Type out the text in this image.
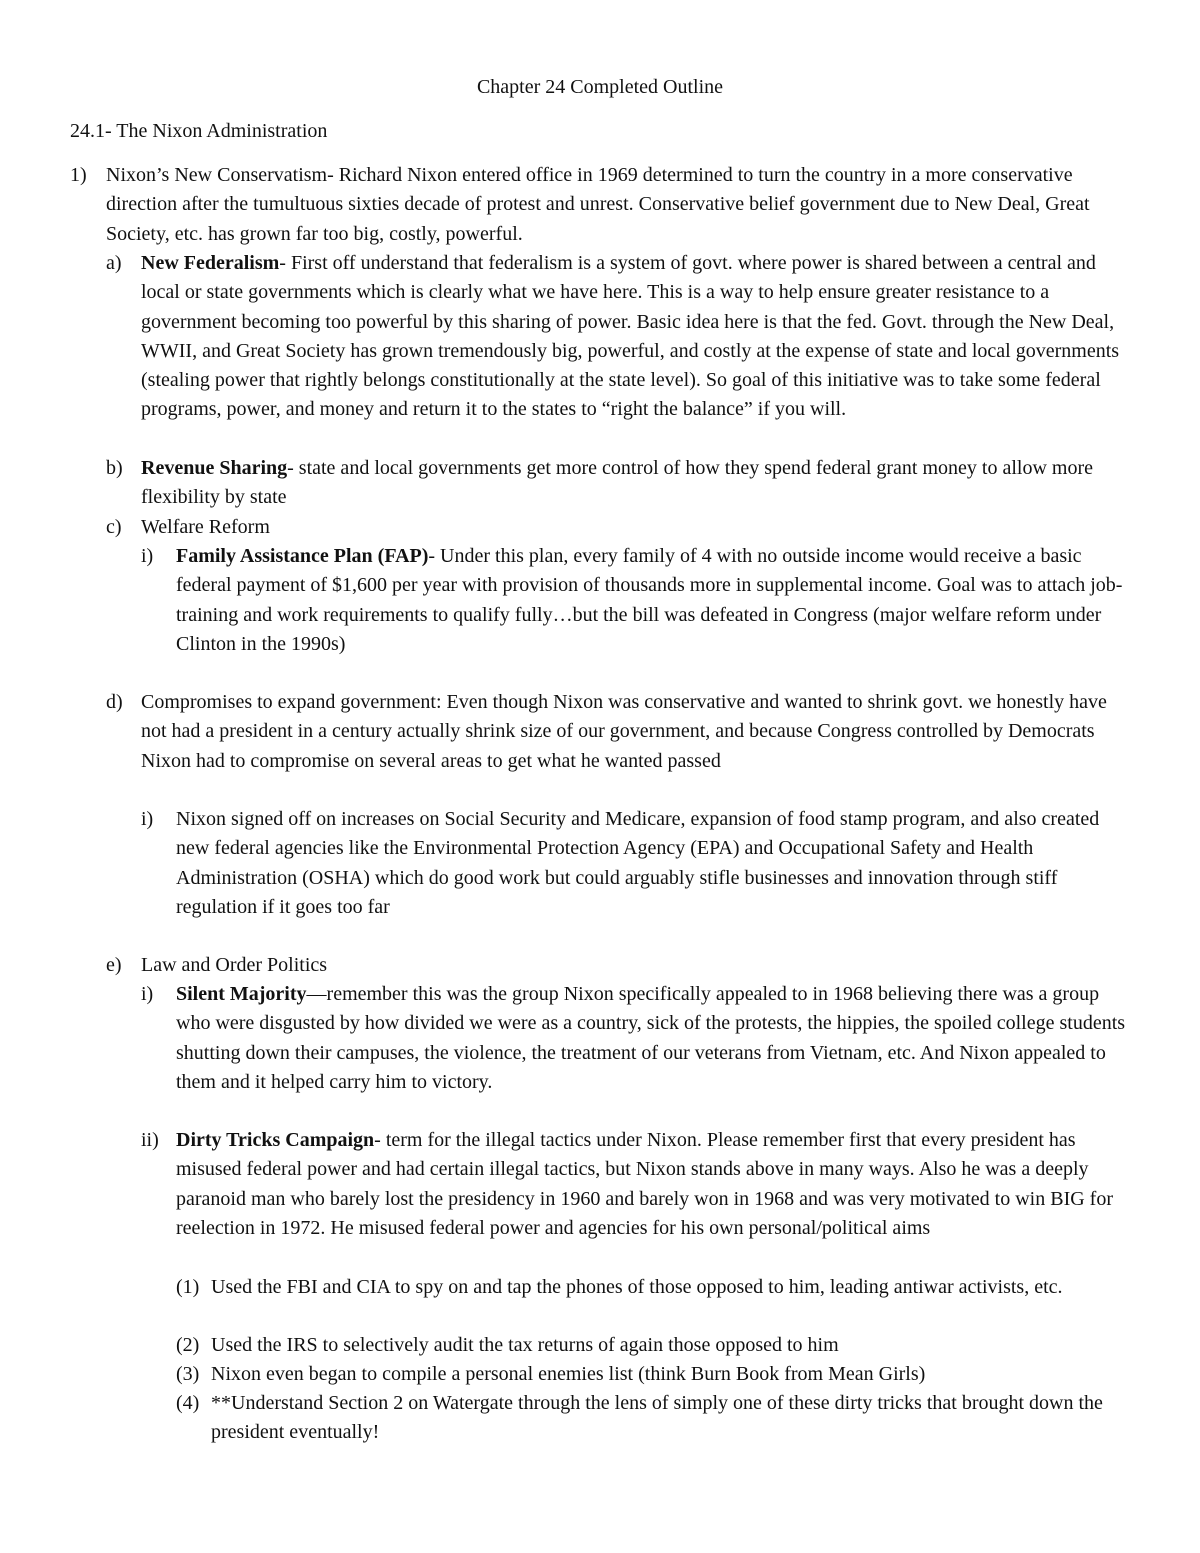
Chapter 24 Completed Outline
24.1- The Nixon Administration
1) Nixon’s New Conservatism- Richard Nixon entered office in 1969 determined to turn the country in a more conservative direction after the tumultuous sixties decade of protest and unrest. Conservative belief government due to New Deal, Great Society, etc. has grown far too big, costly, powerful.
a) New Federalism- First off understand that federalism is a system of govt. where power is shared between a central and local or state governments which is clearly what we have here. This is a way to help ensure greater resistance to a government becoming too powerful by this sharing of power. Basic idea here is that the fed. Govt. through the New Deal, WWII, and Great Society has grown tremendously big, powerful, and costly at the expense of state and local governments (stealing power that rightly belongs constitutionally at the state level). So goal of this initiative was to take some federal programs, power, and money and return it to the states to “right the balance” if you will.
b) Revenue Sharing- state and local governments get more control of how they spend federal grant money to allow more flexibility by state
c) Welfare Reform
i) Family Assistance Plan (FAP)- Under this plan, every family of 4 with no outside income would receive a basic federal payment of $1,600 per year with provision of thousands more in supplemental income. Goal was to attach job-training and work requirements to qualify fully…but the bill was defeated in Congress (major welfare reform under Clinton in the 1990s)
d) Compromises to expand government: Even though Nixon was conservative and wanted to shrink govt. we honestly have not had a president in a century actually shrink size of our government, and because Congress controlled by Democrats Nixon had to compromise on several areas to get what he wanted passed
i) Nixon signed off on increases on Social Security and Medicare, expansion of food stamp program, and also created new federal agencies like the Environmental Protection Agency (EPA) and Occupational Safety and Health Administration (OSHA) which do good work but could arguably stifle businesses and innovation through stiff regulation if it goes too far
e) Law and Order Politics
i) Silent Majority—remember this was the group Nixon specifically appealed to in 1968 believing there was a group who were disgusted by how divided we were as a country, sick of the protests, the hippies, the spoiled college students shutting down their campuses, the violence, the treatment of our veterans from Vietnam, etc. And Nixon appealed to them and it helped carry him to victory.
ii) Dirty Tricks Campaign- term for the illegal tactics under Nixon. Please remember first that every president has misused federal power and had certain illegal tactics, but Nixon stands above in many ways. Also he was a deeply paranoid man who barely lost the presidency in 1960 and barely won in 1968 and was very motivated to win BIG for reelection in 1972. He misused federal power and agencies for his own personal/political aims
(1) Used the FBI and CIA to spy on and tap the phones of those opposed to him, leading antiwar activists, etc.
(2) Used the IRS to selectively audit the tax returns of again those opposed to him
(3) Nixon even began to compile a personal enemies list (think Burn Book from Mean Girls)
(4) **Understand Section 2 on Watergate through the lens of simply one of these dirty tricks that brought down the president eventually!
